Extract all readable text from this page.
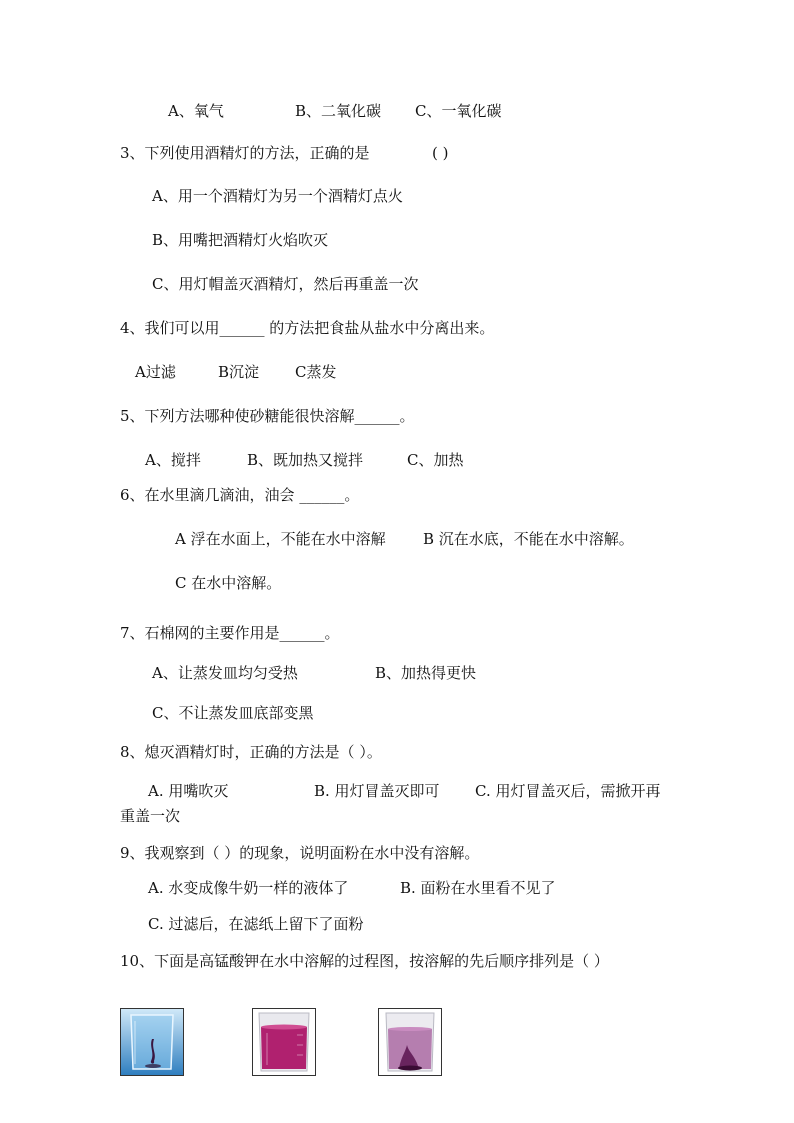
A、氧气	B、二氧化碳 C、一氧化碳
3、下列使用酒精灯的方法，正确的是	( )
A、用一个酒精灯为另一个酒精灯点火
B、用嘴把酒精灯火焰吹灭
C、用灯帽盖灭酒精灯，然后再重盖一次
4、我们可以用______ 的方法把食盐从盐水中分离出来。
A过滤	B沉淀 C蒸发
5、下列方法哪种使砂糖能很快溶解______。
A、搅拌	B、既加热又搅拌	C、加热
6、在水里滴几滴油，油会 ______。
A 浮在水面上，不能在水中溶解 B 沉在水底，不能在水中溶解。
C 在水中溶解。
7、石棉网的主要作用是______。
A、让蒸发皿均匀受热	B、加热得更快
C、不让蒸发皿底部变黑
8、熄灭酒精灯时，正确的方法是（ ）。
A. 用嘴吹灭	B. 用灯冒盖灭即可 C. 用灯冒盖灭后，需掀开再
重盖一次
9、我观察到（ ）的现象，说明面粉在水中没有溶解。
A. 水变成像牛奶一样的液体了	B. 面粉在水里看不见了
C. 过滤后，在滤纸上留下了面粉
10、下面是高锰酸钾在水中溶解的过程图，按溶解的先后顺序排列是（ ）
